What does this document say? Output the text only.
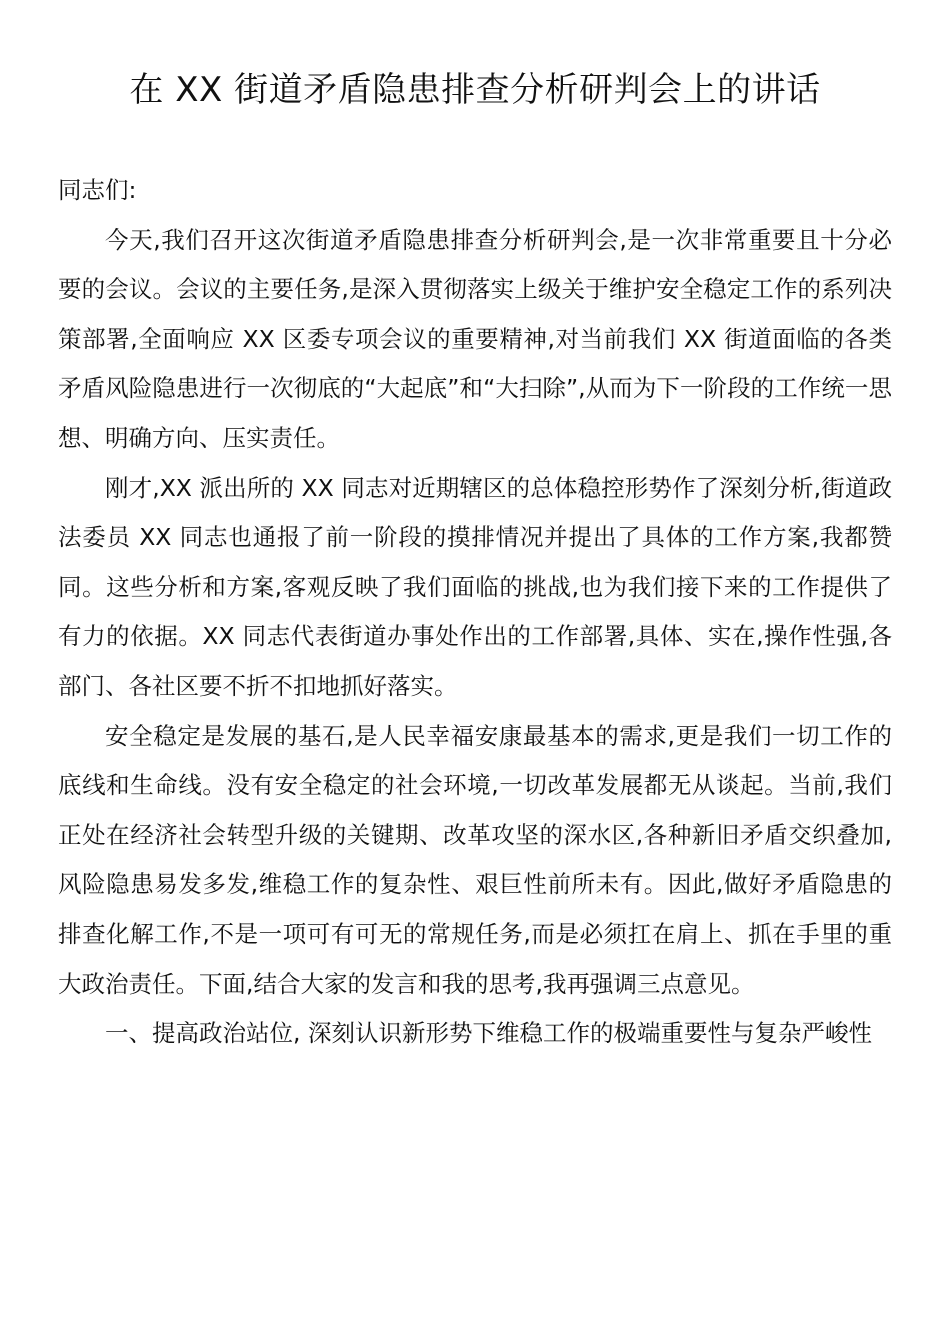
在 XX 街道矛盾隐患排查分析研判会上的讲话

同志们:

今天,我们召开这次街道矛盾隐患排查分析研判会,是一次非常重要且十分必要的会议。会议的主要任务,是深入贯彻落实上级关于维护安全稳定工作的系列决策部署,全面响应 XX 区委专项会议的重要精神,对当前我们 XX 街道面临的各类矛盾风险隐患进行一次彻底的“大起底”和“大扫除”,从而为下一阶段的工作统一思想、明确方向、压实责任。

刚才,XX 派出所的 XX 同志对近期辖区的总体稳控形势作了深刻分析,街道政法委员 XX 同志也通报了前一阶段的摸排情况并提出了具体的工作方案,我都赞同。这些分析和方案,客观反映了我们面临的挑战,也为我们接下来的工作提供了有力的依据。XX 同志代表街道办事处作出的工作部署,具体、实在,操作性强,各部门、各社区要不折不扣地抓好落实。

安全稳定是发展的基石,是人民幸福安康最基本的需求,更是我们一切工作的底线和生命线。没有安全稳定的社会环境,一切改革发展都无从谈起。当前,我们正处在经济社会转型升级的关键期、改革攻坚的深水区,各种新旧矛盾交织叠加,风险隐患易发多发,维稳工作的复杂性、艰巨性前所未有。因此,做好矛盾隐患的排查化解工作,不是一项可有可无的常规任务,而是必须扛在肩上、抓在手里的重大政治责任。下面,结合大家的发言和我的思考,我再强调三点意见。

一、提高政治站位, 深刻认识新形势下维稳工作的极端重要性与复杂严峻性
